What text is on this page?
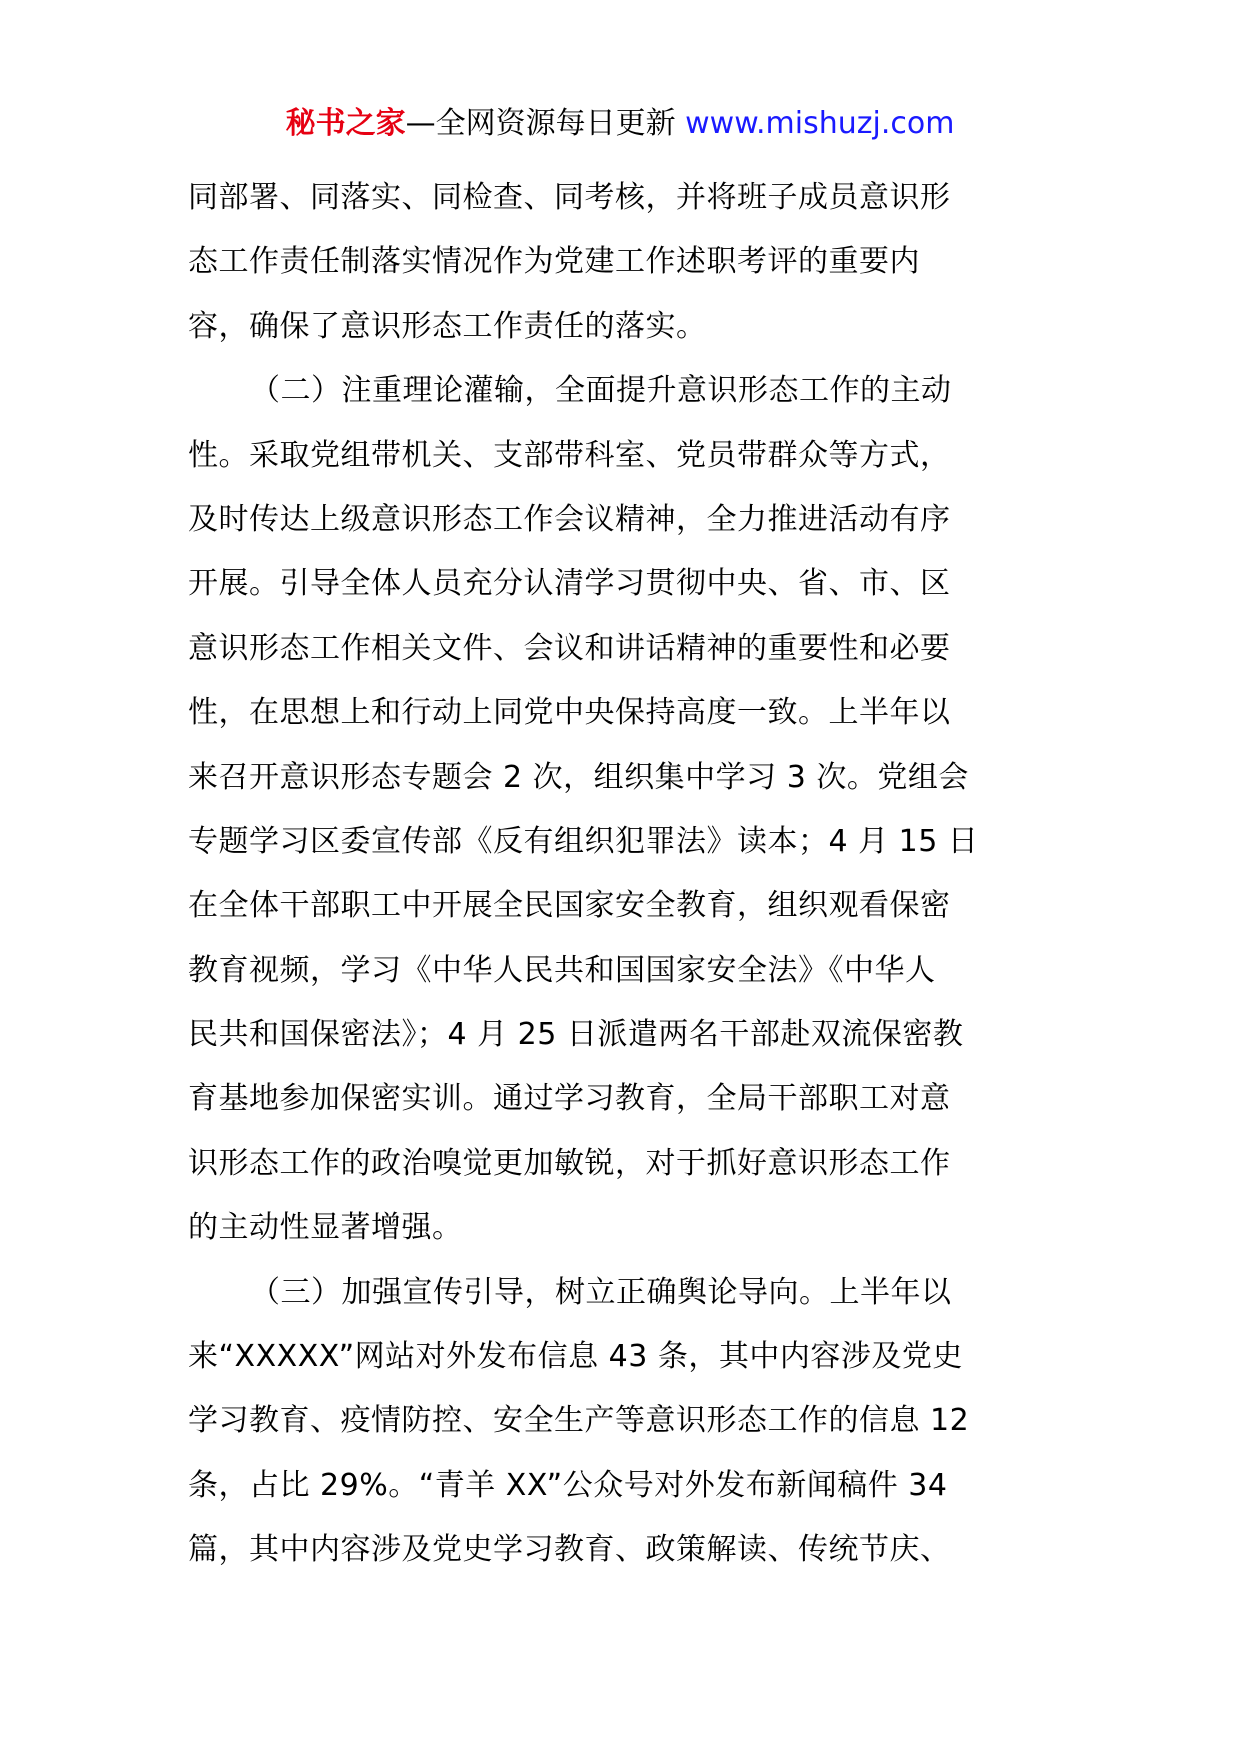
秘书之家—全网资源每日更新 www.mishuzj.com
同部署、同落实、同检查、同考核，并将班子成员意识形
态工作责任制落实情况作为党建工作述职考评的重要内
容，确保了意识形态工作责任的落实。
（二）注重理论灌输，全面提升意识形态工作的主动
性。采取党组带机关、支部带科室、党员带群众等方式，
及时传达上级意识形态工作会议精神，全力推进活动有序
开展。引导全体人员充分认清学习贯彻中央、省、市、区
意识形态工作相关文件、会议和讲话精神的重要性和必要
性，在思想上和行动上同党中央保持高度一致。上半年以
来召开意识形态专题会 2 次，组织集中学习 3 次。党组会
专题学习区委宣传部《反有组织犯罪法》读本；4 月 15 日
在全体干部职工中开展全民国家安全教育，组织观看保密
教育视频，学习《中华人民共和国国家安全法》《中华人
民共和国保密法》；4 月 25 日派遣两名干部赴双流保密教
育基地参加保密实训。通过学习教育，全局干部职工对意
识形态工作的政治嗅觉更加敏锐，对于抓好意识形态工作
的主动性显著增强。
（三）加强宣传引导，树立正确舆论导向。上半年以
来“XXXXX”网站对外发布信息 43 条，其中内容涉及党史
学习教育、疫情防控、安全生产等意识形态工作的信息 12
条，占比 29%。“青羊 XX”公众号对外发布新闻稿件 34
篇，其中内容涉及党史学习教育、政策解读、传统节庆、
